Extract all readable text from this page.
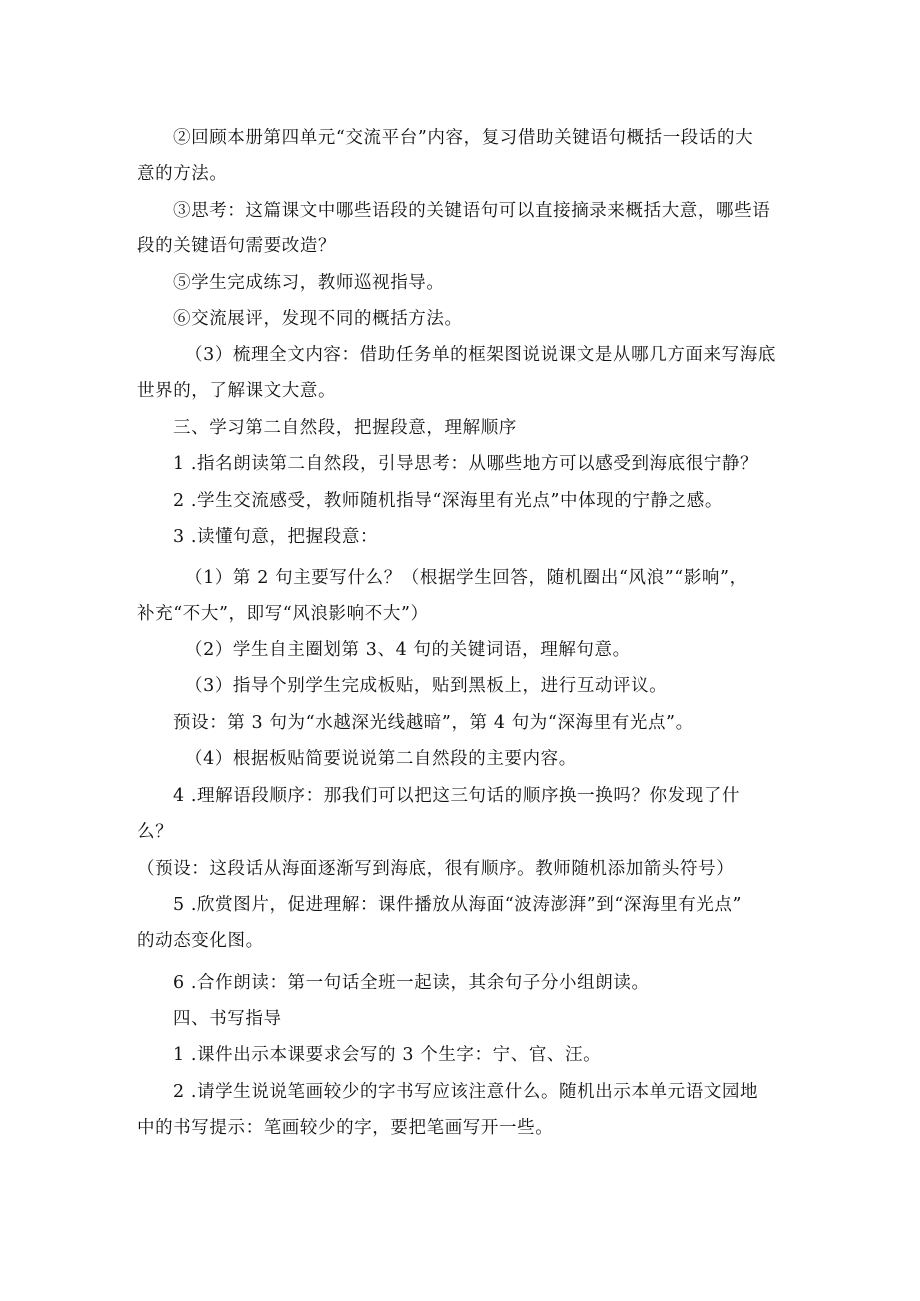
②回顾本册第四单元“交流平台”内容，复习借助关键语句概括一段话的大
意的方法。
③思考：这篇课文中哪些语段的关键语句可以直接摘录来概括大意，哪些语
段的关键语句需要改造？
⑤学生完成练习，教师巡视指导。
⑥交流展评，发现不同的概括方法。
（3）梳理全文内容：借助任务单的框架图说说课文是从哪几方面来写海底
世界的，了解课文大意。
三、学习第二自然段，把握段意，理解顺序
1 .指名朗读第二自然段，引导思考：从哪些地方可以感受到海底很宁静？
2 .学生交流感受，教师随机指导“深海里有光点”中体现的宁静之感。
3 .读懂句意，把握段意：
（1）第 2 句主要写什么？（根据学生回答，随机圈出“风浪”“影响”，
补充“不大”，即写“风浪影响不大”）
（2）学生自主圈划第 3、4 句的关键词语，理解句意。
（3）指导个别学生完成板贴，贴到黑板上，进行互动评议。
预设：第 3 句为“水越深光线越暗”，第 4 句为“深海里有光点”。
（4）根据板贴简要说说第二自然段的主要内容。
4 .理解语段顺序：那我们可以把这三句话的顺序换一换吗？你发现了什
么？
（预设：这段话从海面逐渐写到海底，很有顺序。教师随机添加箭头符号）
5 .欣赏图片，促进理解：课件播放从海面“波涛澎湃”到“深海里有光点”
的动态变化图。
6 .合作朗读：第一句话全班一起读，其余句子分小组朗读。
四、书写指导
1 .课件出示本课要求会写的 3 个生字：宁、官、汪。
2 .请学生说说笔画较少的字书写应该注意什么。随机出示本单元语文园地
中的书写提示：笔画较少的字，要把笔画写开一些。
